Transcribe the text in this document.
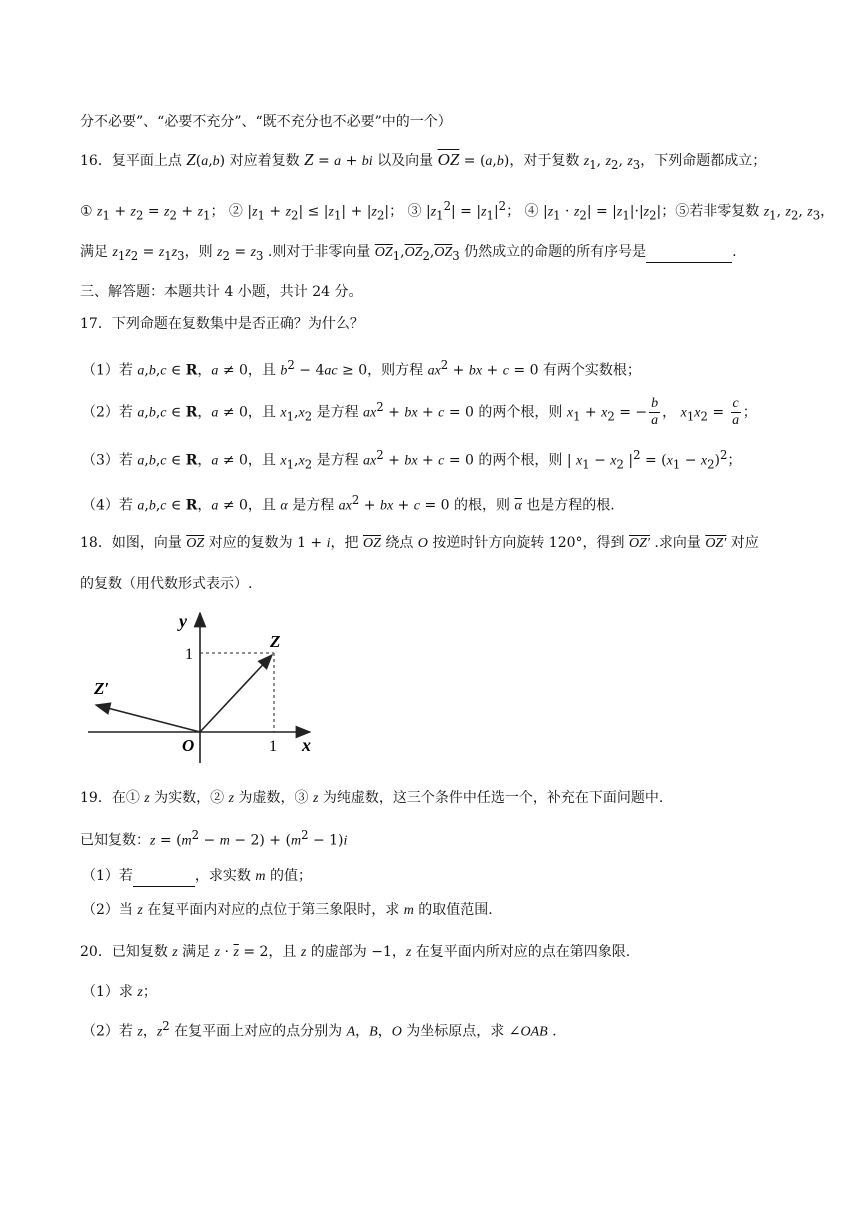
分不必要”、“必要不充分”、“既不充分也不必要”中的一个）
16．复平面上点 Z(a,b) 对应着复数 Z = a + bi 以及向量 $\overline{OZ} = (a,b)$，对于复数 $z_1$, $z_2$, $z_3$，下列命题都成立；
① $z_1 + z_2 = z_2 + z_1$； ② $|z_1 + z_2| \le |z_1| + |z_2|$； ③ $|z_1^2| = |z_1|^2$； ④ $|z_1 \cdot z_2| = |z_1|\cdot|z_2|$；⑤若非零复数 $z_1$, $z_2$, $z_3$，
满足 $z_1z_2 = z_1z_3$，则 $z_2 = z_3$ .则对于非零向量 $\overline{OZ}_1,\overline{OZ}_2,\overline{OZ}_3$ 仍然成立的命题的所有序号是	.
三、解答题：本题共计 4 小题，共计 24 分。
17．下列命题在复数集中是否正确？为什么？
（1）若 a,b,c ∈ R，a ≠ 0，且 $b^2 - 4ac \ge 0$，则方程 $ax^2$ + bx + c = 0 有两个实数根；
（2）若 a,b,c ∈ R，a ≠ 0，且 $x_1,x_2$ 是方程 $ax^2$ + bx + c = 0 的两个根，则 $x_1 + x_2$ = − $\frac{b}{a}$ ， $x_1x_2 = \frac{c}{a}$ ；
（3）若 a,b,c ∈ R，a ≠ 0，且 $x_1,x_2$ 是方程 $ax^2$ + bx + c = 0 的两个根，则 | $x_1 - x_2$ $|^2 = (x_1 - x_2)^2$；
（4）若 a,b,c ∈ R，a ≠ 0，且 α 是方程 $ax^2$ + bx + c = 0 的根，则 $\overline{\alpha}$ 也是方程的根.
18．如图，向量 $\overline{OZ}$ 对应的复数为 1 + i，把 $\overline{OZ}$ 绕点 O 按逆时针方向旋转 120°，得到 OZ′ .求向量 OZ′ 对应
的复数（用代数形式表示）.
y
x
O
Z
Z′
1
1
19．在① z 为实数，② z 为虚数，③ z 为纯虚数，这三个条件中任选一个，补充在下面问题中.
已知复数：$z = (m^2 - m - 2) + (m^2 - 1)i$
（1）若	，求实数 m 的值；
（2）当 z 在复平面内对应的点位于第三象限时，求 m 的取值范围.
20．已知复数 z 满足 $z \cdot \overline{z} = 2$，且 z 的虚部为 −1，z 在复平面内所对应的点在第四象限.
（1）求 z；
（2）若 z，$z^2$ 在复平面上对应的点分别为 A，B，O 为坐标原点，求 ∠OAB .
